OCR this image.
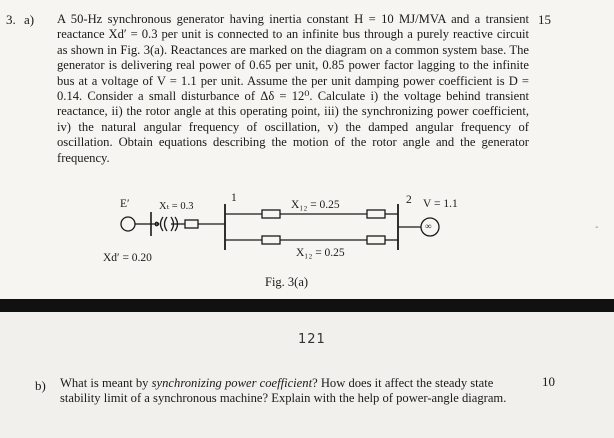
3. a) A 50-Hz synchronous generator having inertia constant H = 10 MJ/MVA and a transient reactance Xd′ = 0.3 per unit is connected to an infinite bus through a purely reactive circuit as shown in Fig. 3(a). Reactances are marked on the diagram on a common system base. The generator is delivering real power of 0.65 per unit, 0.85 power factor lagging to the infinite bus at a voltage of V = 1.1 per unit. Assume the per unit damping power coefficient is D = 0.14. Consider a small disturbance of Δδ = 12⁰. Calculate i) the voltage behind transient reactance, ii) the rotor angle at this operating point, iii) the synchronizing power coefficient, iv) the natural angular frequency of oscillation, v) the damped angular frequency of oscillation. Obtain equations describing the motion of the rotor angle and the generator frequency.

15
E′	Xₜ = 0.3
1
X₁₂ = 0.25	2 V = 1.1
∞
X₁₂ = 0.25
Xd′ = 0.20
Fig. 3(a)
-
121
b) What is meant by synchronizing power coefficient? How does it affect the steady state stability limit of a synchronous machine? Explain with the help of power-angle diagram.

10
